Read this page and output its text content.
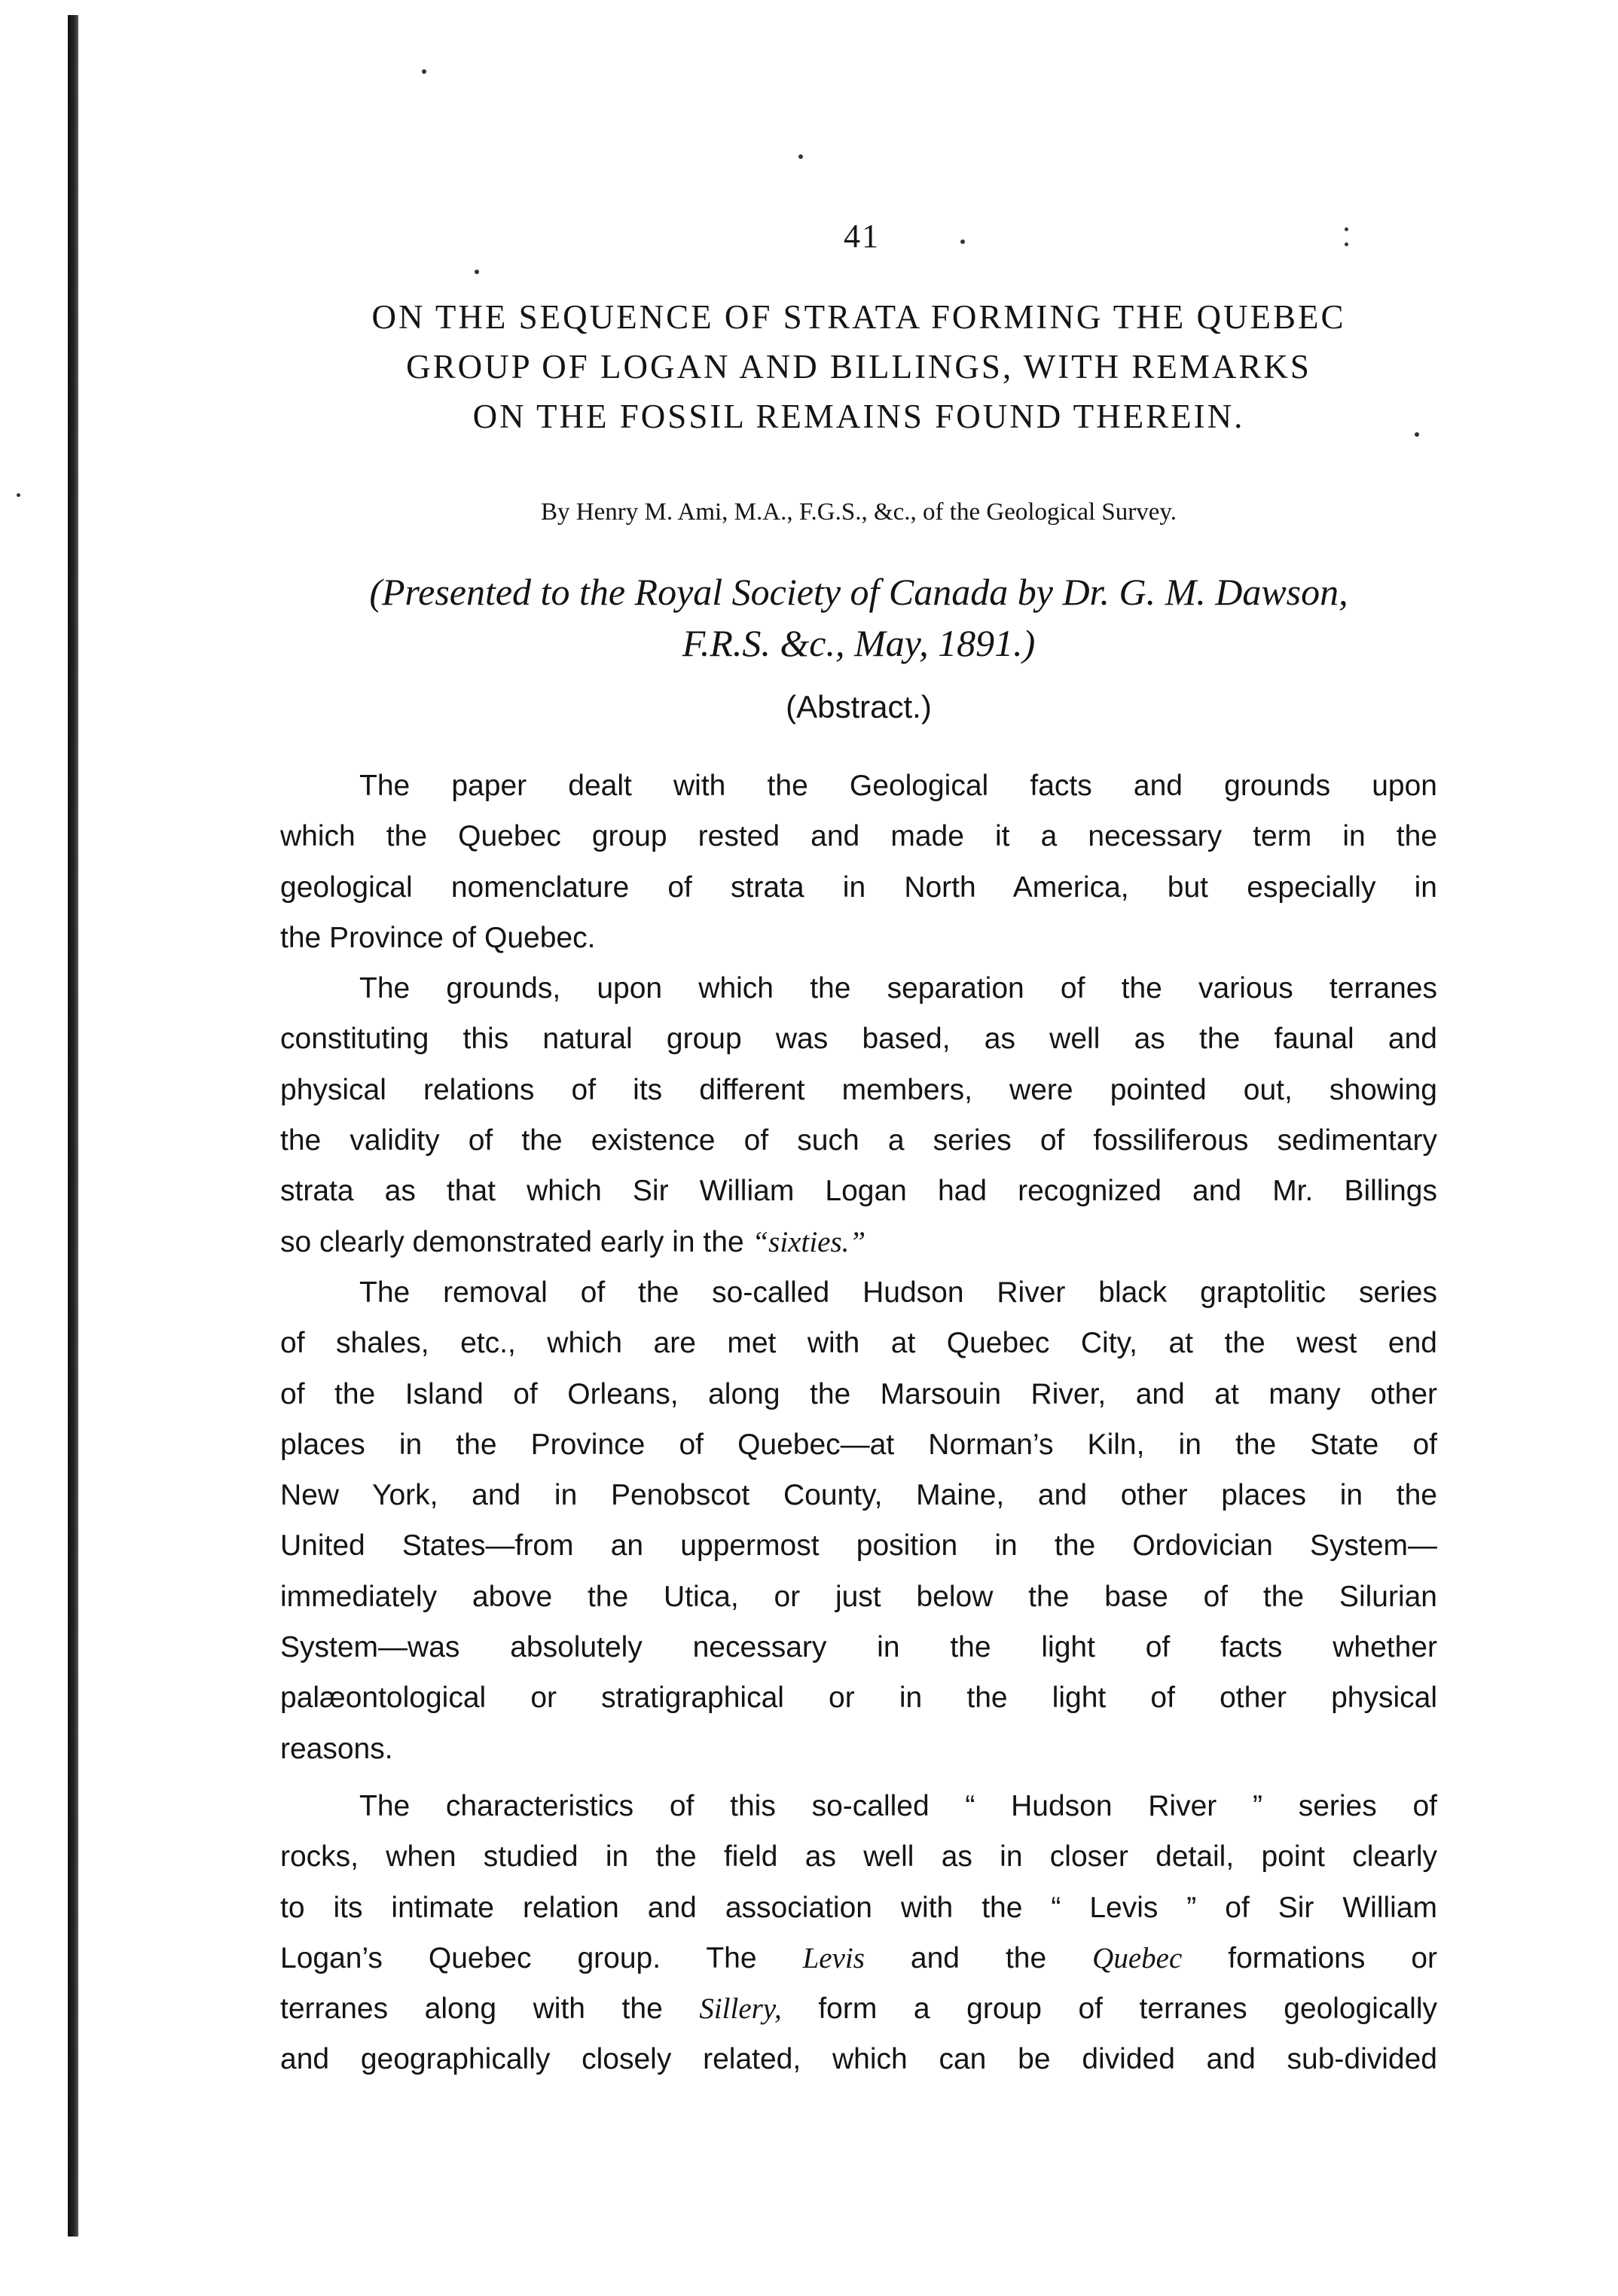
41
ON THE SEQUENCE OF STRATA FORMING THE QUEBEC
GROUP OF LOGAN AND BILLINGS, WITH REMARKS
ON THE FOSSIL REMAINS FOUND THEREIN.
By Henry M. Ami, M.A., F.G.S., &c., of the Geological Survey.
(Presented to the Royal Society of Canada by Dr. G. M. Dawson,
F.R.S. &c., May, 1891.)
(Abstract.)

The paper dealt with the Geological facts and grounds upon
which the Quebec group rested and made it a necessary term in the
geological nomenclature of strata in North America, but especially in
the Province of Quebec.

The grounds, upon which the separation of the various terranes
constituting this natural group was based, as well as the faunal and
physical relations of its different members, were pointed out, showing
the validity of the existence of such a series of fossiliferous sedimentary
strata as that which Sir William Logan had recognized and Mr. Billings
so clearly demonstrated early in the “sixties.”

The removal of the so-called Hudson River black graptolitic series
of shales, etc., which are met with at Quebec City, at the west end
of the Island of Orleans, along the Marsouin River, and at many other
places in the Province of Quebec—at Norman’s Kiln, in the State of
New York, and in Penobscot County, Maine, and other places in the
United States—from an uppermost position in the Ordovician System—
immediately above the Utica, or just below the base of the Silurian
System—was absolutely necessary in the light of facts whether
palæontological or stratigraphical or in the light of other physical
reasons.

The characteristics of this so-called “ Hudson River ” series of
rocks, when studied in the field as well as in closer detail, point clearly
to its intimate relation and association with the “ Levis ” of Sir William
Logan’s Quebec group. The Levis and the Quebec formations or
terranes along with the Sillery, form a group of terranes geologically
and geographically closely related, which can be divided and sub-divided
